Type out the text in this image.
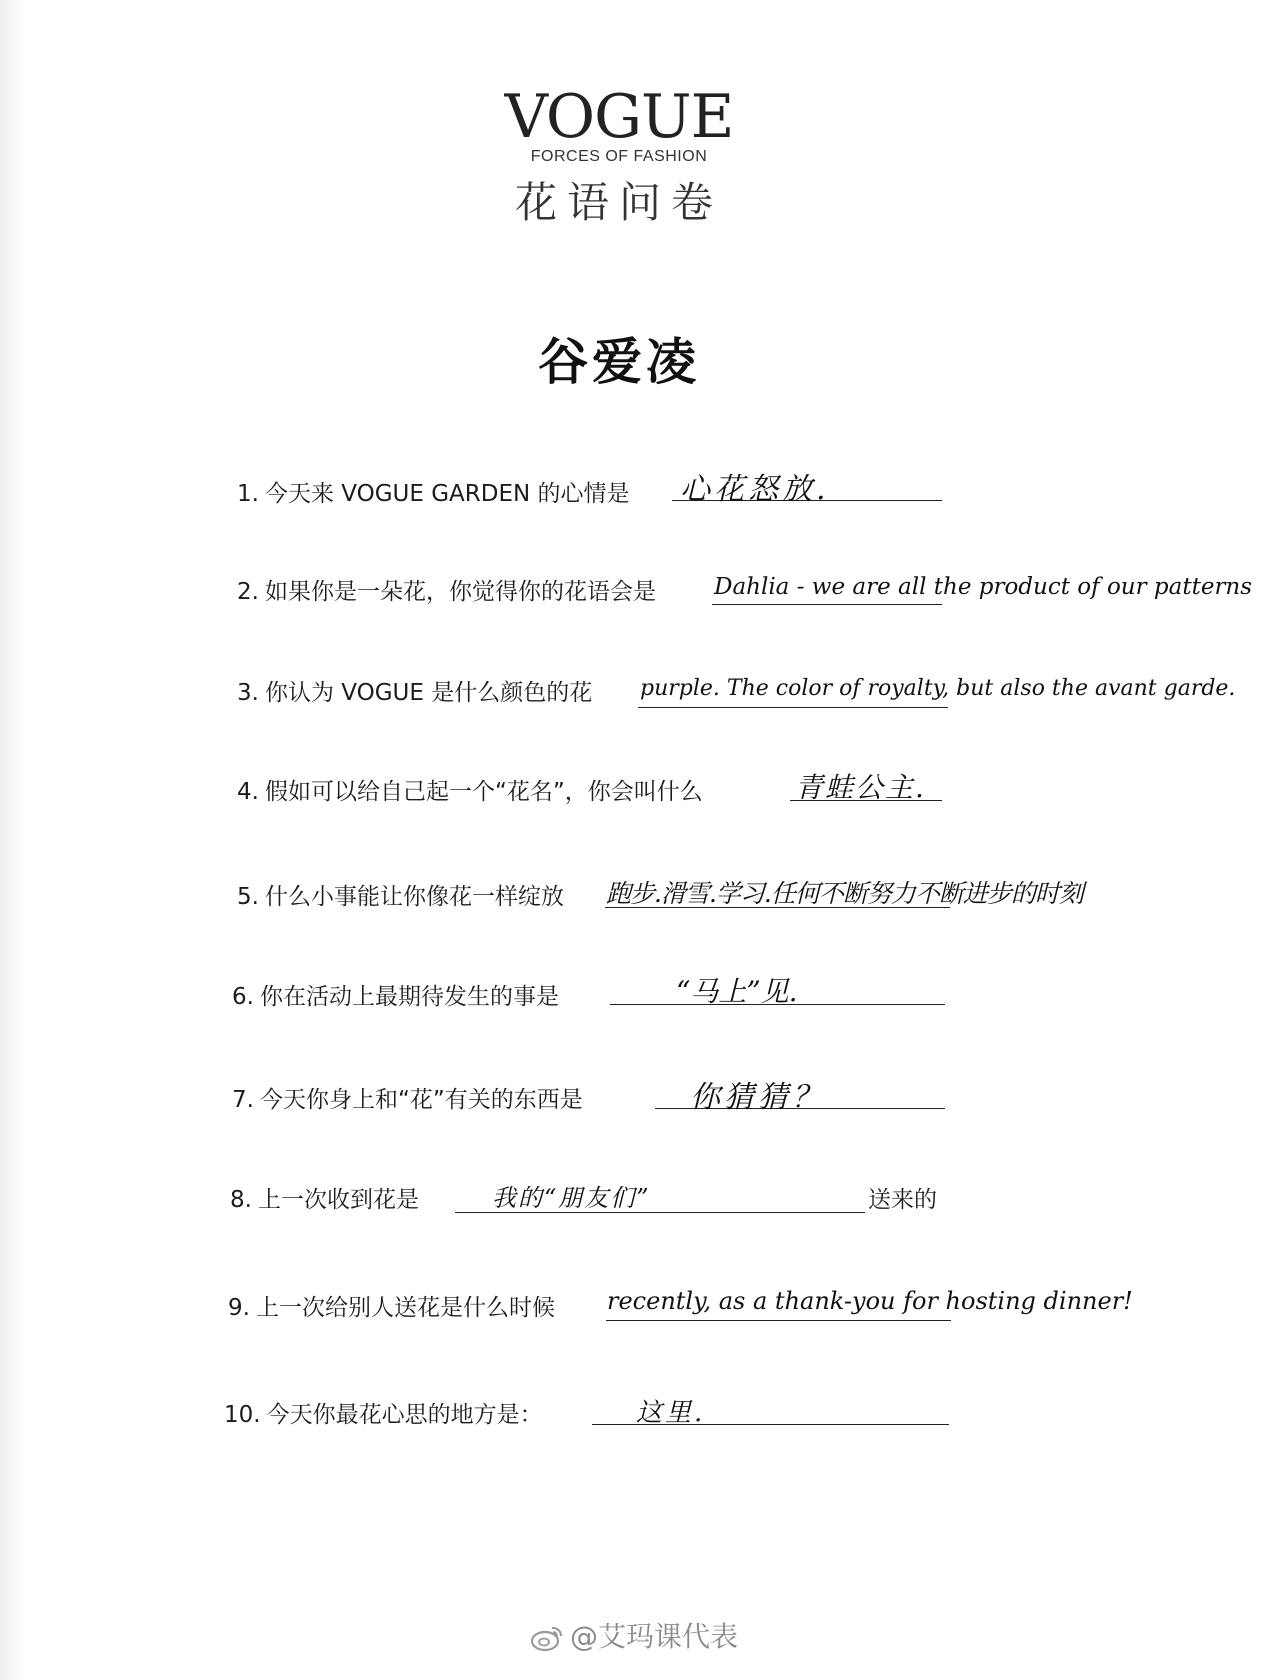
VOGUE
FORCES OF FASHION
花语问卷
谷爱凌
1. 今天来 VOGUE GARDEN 的心情是 心花怒放.
2. 如果你是一朵花，你觉得你的花语会是	Dahlia - we are all the product of our patterns
3. 你认为 VOGUE 是什么颜色的花 purple. The color of royalty, but also the avant garde.
4. 假如可以给自己起一个“花名”，你会叫什么	青蛙公主.
5. 什么小事能让你像花一样绽放 跑步.滑雪.学习.任何不断努力不断进步的时刻
6. 你在活动上最期待发生的事是	“马上”见.
7. 今天你身上和“花”有关的东西是	你猜猜？
8. 上一次收到花是	我的“朋友们”	送来的
9. 上一次给别人送花是什么时候 recently, as a thank-you for hosting dinner!
10. 今天你最花心思的地方是：	这里.
@艾玛课代表
